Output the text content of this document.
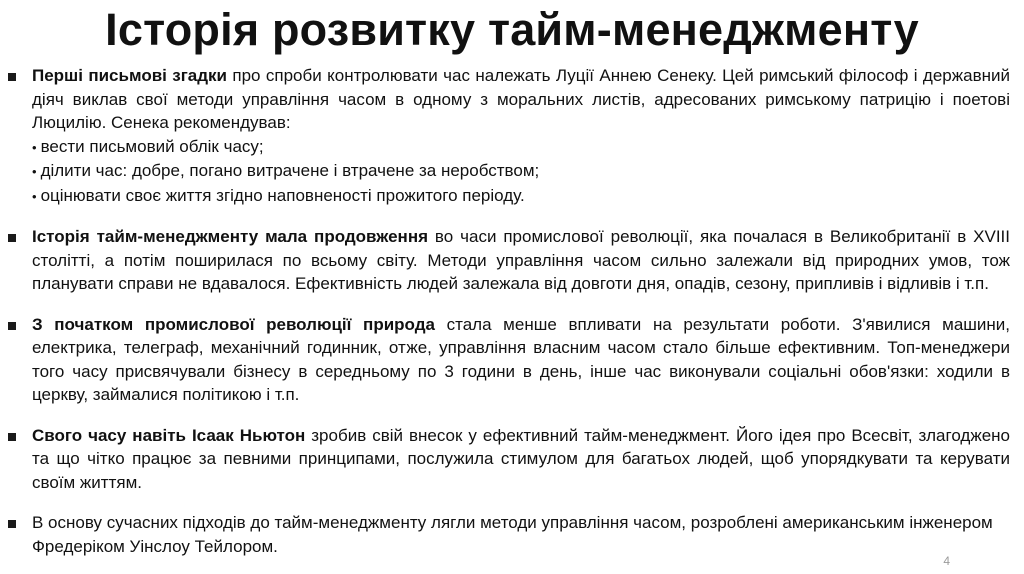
Історія розвитку тайм-менеджменту

Перші письмові згадки про спроби контролювати час належать Луції Аннею Сенеку. Цей римський філософ і державний діяч виклав свої методи управління часом в одному з моральних листів, адресованих римському патрицію і поетові Люцилію. Сенека рекомендував:

• вести письмовий облік часу;

• ділити час: добре, погано витрачене і втрачене за неробством;

• оцінювати своє життя згідно наповненості прожитого періоду.

Історія тайм-менеджменту мала продовження во часи промислової революції, яка почалася в Великобританії в XVIII столітті, а потім поширилася по всьому світу. Методи управління часом сильно залежали від природних умов, тож планувати справи не вдавалося. Ефективність людей залежала від довготи дня, опадів, сезону, припливів і відливів і т.п.

З початком промислової революції природа стала менше впливати на результати роботи. З'явилися машини, електрика, телеграф, механічний годинник, отже, управління власним часом стало більше ефективним. Топ-менеджери того часу присвячували бізнесу в середньому по 3 години в день, інше час виконували соціальні обов'язки: ходили в церкву, займалися політикою і т.п.

Свого часу навіть Ісаак Ньютон зробив свій внесок у ефективний тайм-менеджмент. Його ідея про Всесвіт, злагоджено та що чітко працює за певними принципами, послужила стимулом для багатьох людей, щоб упорядкувати та керувати своїм життям.

В основу сучасних підходів до тайм-менеджменту лягли методи управління часом, розроблені американським інженером Фредеріком Уінслоу Тейлором.

4
